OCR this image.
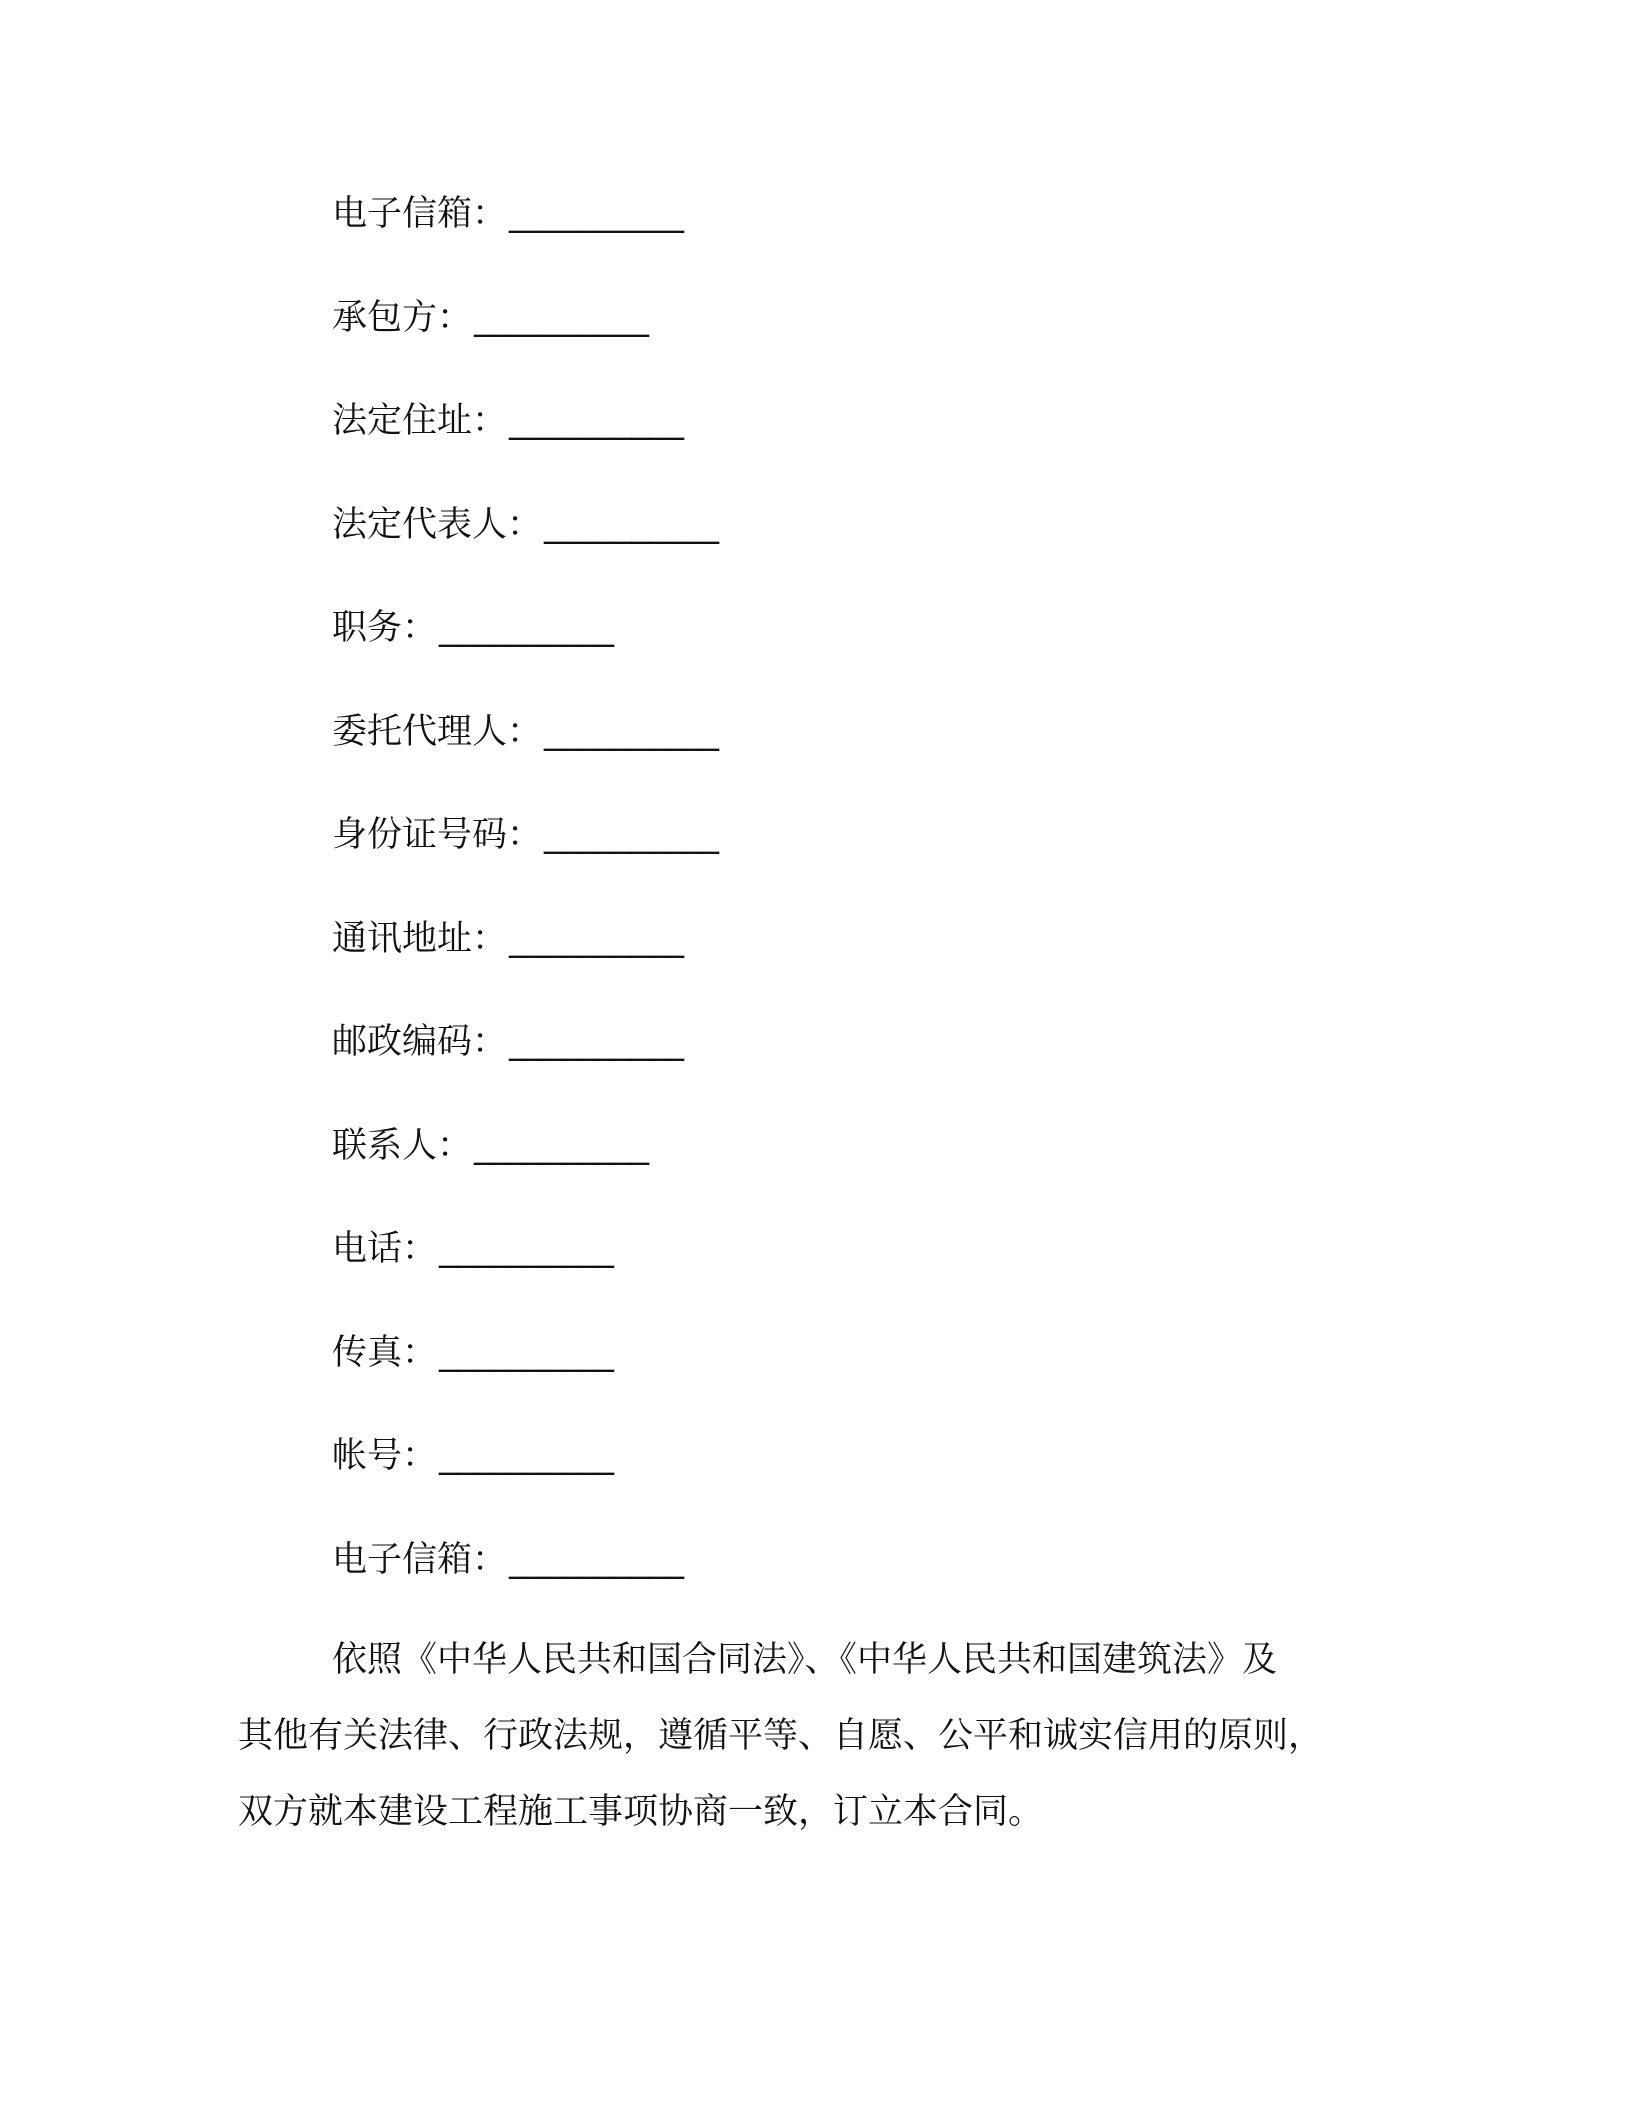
电子信箱： __________
承包方： __________
法定住址： __________
法定代表人： __________
职务： __________
委托代理人： __________
身份证号码： __________
通讯地址： __________
邮政编码： __________
联系人： __________
电话： __________
传真： __________
帐号： __________
电子信箱： __________
依照《中华人民共和国合同法》、《中华人民共和国建筑法》及
其他有关法律、行政法规，遵循平等、自愿、公平和诚实信用的原则，
双方就本建设工程施工事项协商一致，订立本合同。
